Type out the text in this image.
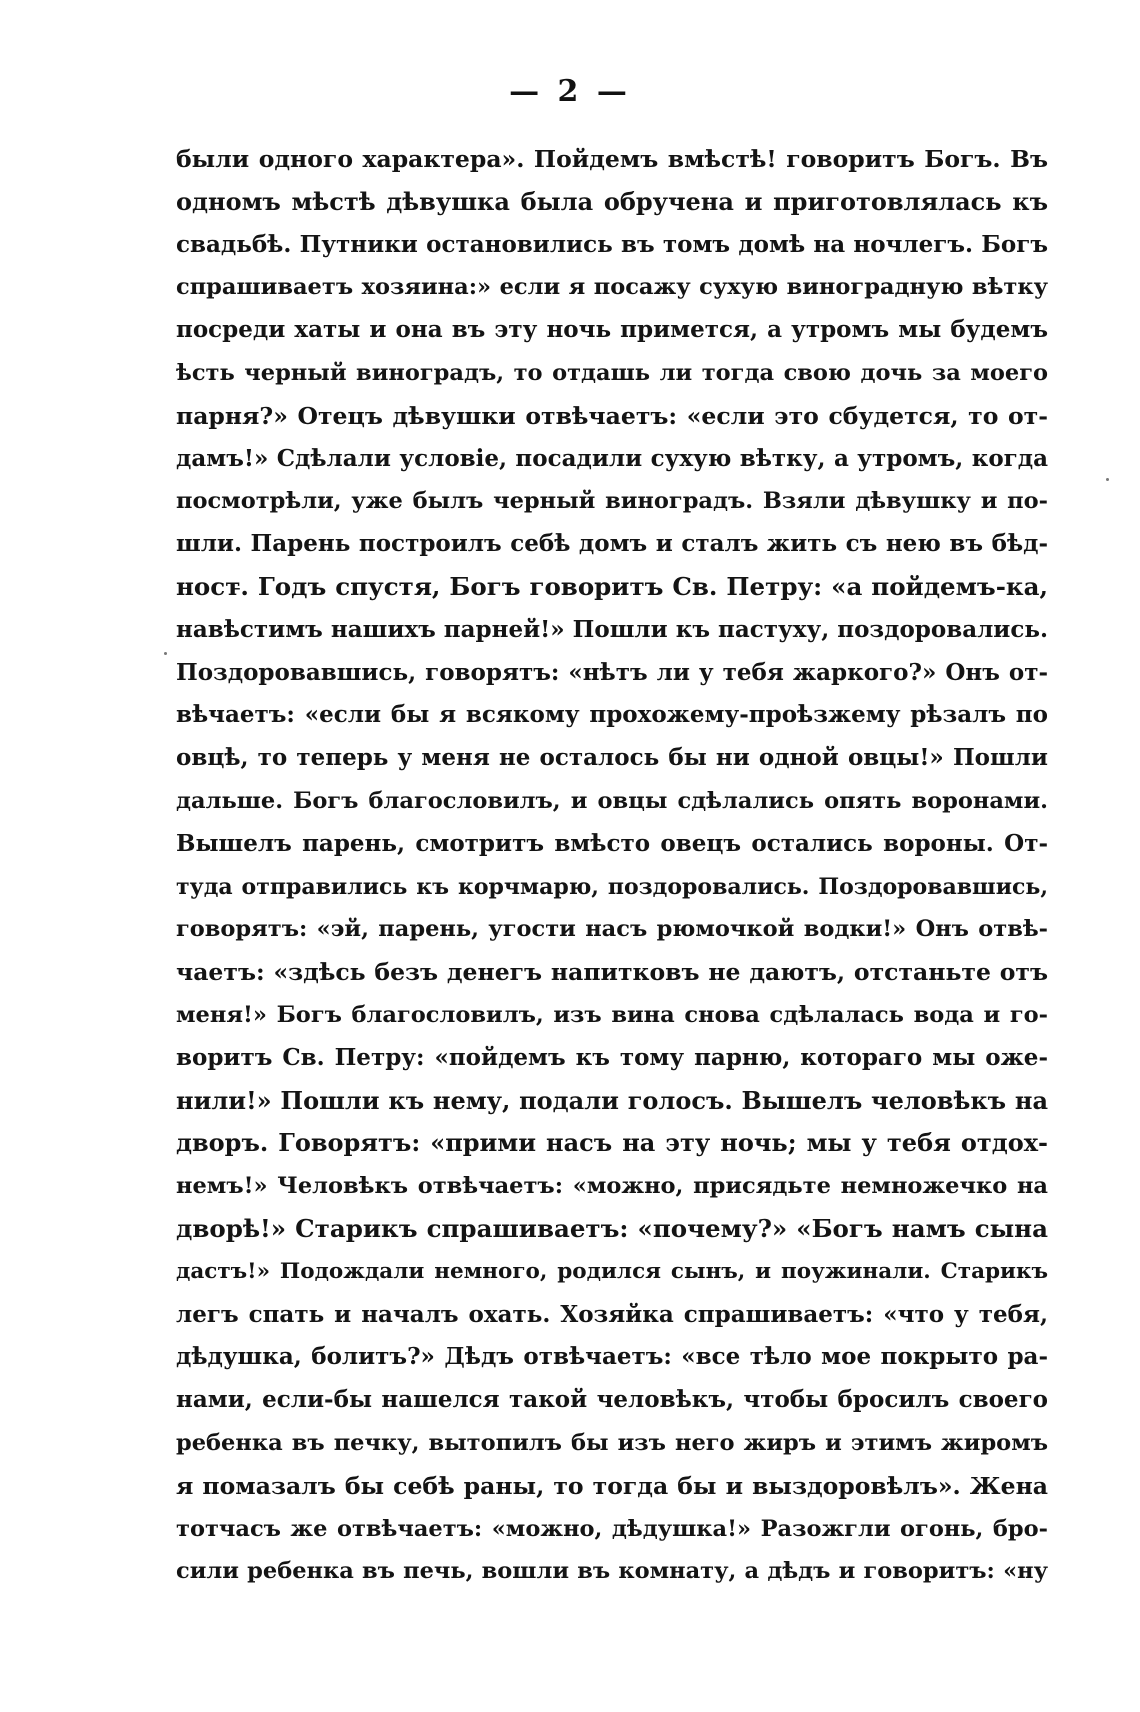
— 2 —
были одного характера». Пойдемъ вмѣстѣ! говоритъ Богъ. Въ
одномъ мѣстѣ дѣвушка была обручена и приготовлялась къ
свадьбѣ. Путники остановились въ томъ домѣ на ночлегъ. Богъ
спрашиваетъ хозяина:» если я посажу сухую виноградную вѣтку
посреди хаты и она въ эту ночь примется, а утромъ мы будемъ
ѣсть черный виноградъ, то отдашь ли тогда свою дочь за моего
парня?» Отецъ дѣвушки отвѣчаетъ: «если это сбудется, то от-
дамъ!» Сдѣлали условіе, посадили сухую вѣтку, а утромъ, когда
посмотрѣли, уже былъ черный виноградъ. Взяли дѣвушку и по-
шли. Парень построилъ себѣ домъ и сталъ жить съ нею въ бѣд-
ност̵. Годъ спустя, Богъ говоритъ Св. Петру: «а пойдемъ-ка,
навѣстимъ нашихъ парней!» Пошли къ пастуху, поздоровались.
Поздоровавшись, говорятъ: «нѣтъ ли у тебя жаркого?» Онъ от-
вѣчаетъ: «если бы я всякому прохожему-проѣзжему рѣзалъ по
овцѣ, то теперь у меня не осталось бы ни одной овцы!» Пошли
дальше. Богъ благословилъ, и овцы сдѣлались опять воронами.
Вышелъ парень, смотритъ вмѣсто овецъ остались вороны. От-
туда отправились къ корчмарю, поздоровались. Поздоровавшись,
говорятъ: «эй, парень, угости насъ рюмочкой водки!» Онъ отвѣ-
чаетъ: «здѣсь безъ денегъ напитковъ не даютъ, отстаньте отъ
меня!» Богъ благословилъ, изъ вина снова сдѣлалась вода и го-
воритъ Св. Петру: «пойдемъ къ тому парню, котораго мы оже-
нили!» Пошли къ нему, подали голосъ. Вышелъ человѣкъ на
дворъ. Говорятъ: «прими насъ на эту ночь; мы у тебя отдох-
немъ!» Человѣкъ отвѣчаетъ: «можно, присядьте немножечко на
дворѣ!» Старикъ спрашиваетъ: «почему?» «Богъ намъ сына
дастъ!» Подождали немного, родился сынъ, и поужинали. Старикъ
легъ спать и началъ охать. Хозяйка спрашиваетъ: «что у тебя,
дѣдушка, болитъ?» Дѣдъ отвѣчаетъ: «все тѣло мое покрыто ра-
нами, если-бы нашелся такой человѣкъ, чтобы бросилъ своего
ребенка въ печку, вытопилъ бы изъ него жиръ и этимъ жиромъ
я помазалъ бы себѣ раны, то тогда бы и выздоровѣлъ». Жена
тотчасъ же отвѣчаетъ: «можно, дѣдушка!» Разожгли огонь, бро-
сили ребенка въ печь, вошли въ комнату, а дѣдъ и говоритъ: «ну
